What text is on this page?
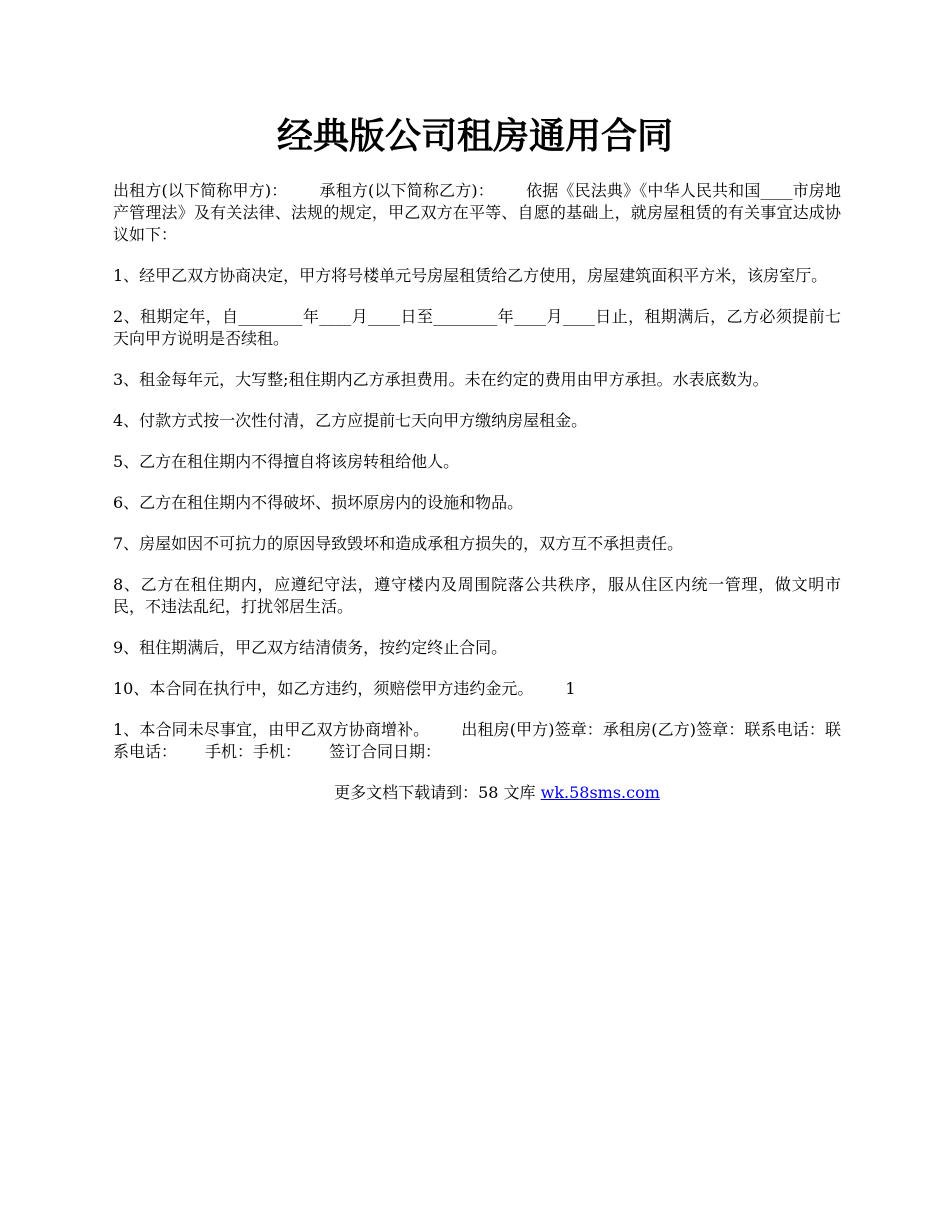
经典版公司租房通用合同

出租方(以下简称甲方)： 承租方(以下简称乙方)： 依据《民法典》《中华人民共和国____市房地产管理法》及有关法律、法规的规定，甲乙双方在平等、自愿的基础上，就房屋租赁的有关事宜达成协议如下：

1、经甲乙双方协商决定，甲方将号楼单元号房屋租赁给乙方使用，房屋建筑面积平方米，该房室厅。

2、租期定年，自________年____月____日至________年____月____日止，租期满后，乙方必须提前七天向甲方说明是否续租。

3、租金每年元，大写整;租住期内乙方承担费用。未在约定的费用由甲方承担。水表底数为。

4、付款方式按一次性付清，乙方应提前七天向甲方缴纳房屋租金。

5、乙方在租住期内不得擅自将该房转租给他人。

6、乙方在租住期内不得破坏、损坏原房内的设施和物品。

7、房屋如因不可抗力的原因导致毁坏和造成承租方损失的，双方互不承担责任。

8、乙方在租住期内，应遵纪守法，遵守楼内及周围院落公共秩序，服从住区内统一管理，做文明市民，不违法乱纪，打扰邻居生活。

9、租住期满后，甲乙双方结清债务，按约定终止合同。

10、本合同在执行中，如乙方违约，须赔偿甲方违约金元。 1

1、本合同未尽事宜，由甲乙双方协商增补。 出租房(甲方)签章：承租房(乙方)签章：联系电话：联系电话： 手机：手机： 签订合同日期：

更多文档下载请到：58 文库 wk.58sms.com
